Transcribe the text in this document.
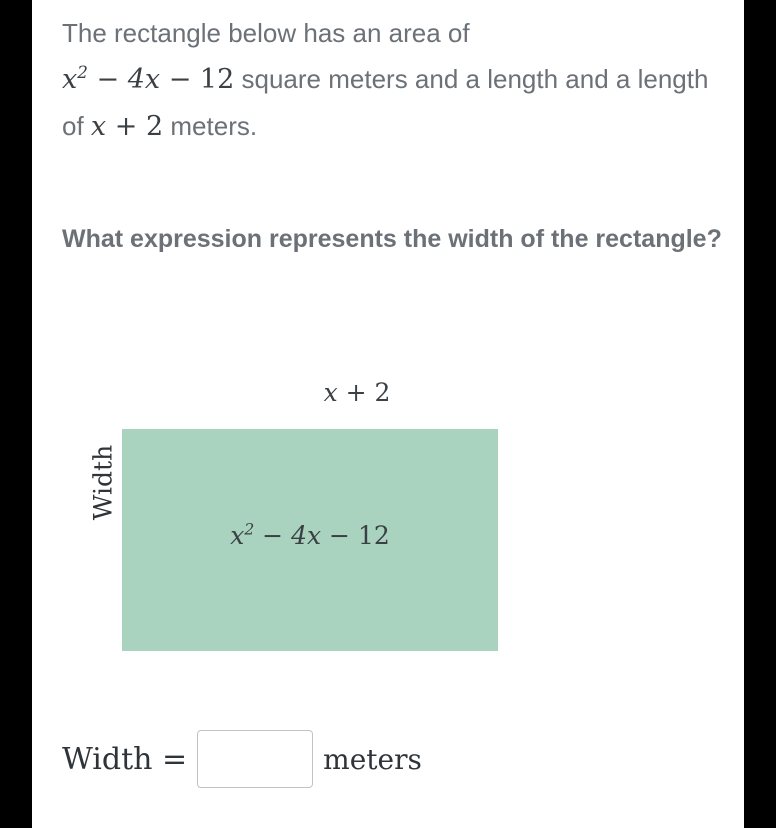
The rectangle below has an area of
$x^2 - 4x - 12$ square meters and a length and a length
of x + 2 meters.
What expression represents the width of the rectangle?
x + 2
Width
$x^2 - 4x - 12$
Width =	meters
